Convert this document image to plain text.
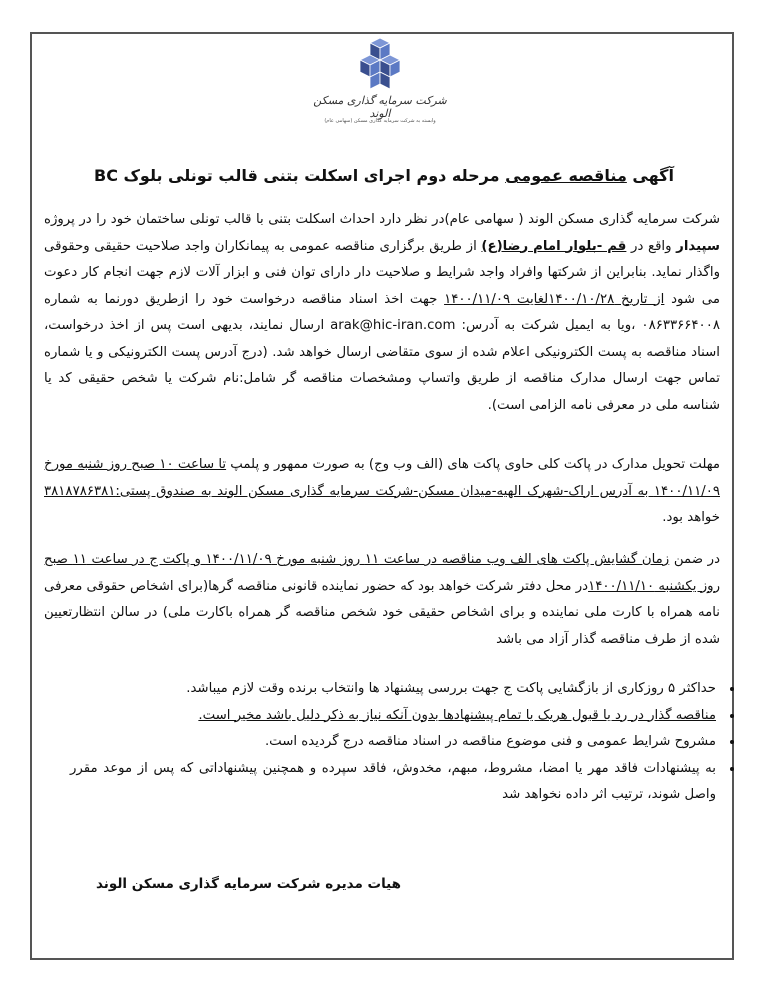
شرکت سرمایه گذاری مسکن الوند
وابسته به شرکت سرمایه گذاری مسکن (سهامی عام)
آگهی مناقصه عمومی مرحله دوم اجرای اسکلت بتنی قالب تونلی بلوک BC
شرکت سرمایه گذاری مسکن الوند ( سهامی عام)در نظر دارد احداث اسکلت بتنی با قالب تونلی ساختمان خود را در پروژه سپیدار واقع در قم -بلوار امام رضا(ع) از طریق برگزاری مناقصه عمومی به پیمانکاران واجد صلاحیت حقیقی وحقوقی واگذار نماید. بنابراین از شرکتها وافراد واجد شرایط و صلاحیت دار دارای توان فنی و ابزار آلات لازم جهت انجام کار دعوت می شود از تاریخ ۱۴۰۰/۱۰/۲۸لغایت ۱۴۰۰/۱۱/۰۹ جهت اخذ اسناد مناقصه درخواست خود را ازطریق دورنما به شماره ۰۸۶۳۳۶۶۴۰۰۸ ،ویا به ایمیل شرکت به آدرس: arak@hic-iran.com ارسال نمایند، بدیهی است پس از اخذ درخواست، اسناد مناقصه به پست الکترونیکی اعلام شده از سوی متقاضی ارسال خواهد شد. (درج آدرس پست الکترونیکی و یا شماره تماس جهت ارسال مدارک مناقصه از طریق واتساپ ومشخصات مناقصه گر شامل:نام شرکت یا شخص حقیقی کد یا شناسه ملی در معرفی نامه الزامی است).
مهلت تحویل مدارک در پاکت کلی حاوی پاکت های (الف وب وج) به صورت ممهور و پلمپ تا ساعت ۱۰ صبح روز شنبه مورخ ۱۴۰۰/۱۱/۰۹ به آدرس اراک-شهرک الهیه-میدان مسکن-شرکت سرمایه گذاری مسکن الوند به صندوق پستی:۳۸۱۸۷۸۶۳۸۱ خواهد بود.
در ضمن زمان گشایش پاکت های الف وب مناقصه در ساعت ۱۱ روز شنبه مورخ ۱۴۰۰/۱۱/۰۹ و پاکت ج در ساعت ۱۱ صبح روز یکشنبه ۱۴۰۰/۱۱/۱۰در محل دفتر شرکت خواهد بود که حضور نماینده قانونی مناقصه گرها(برای اشخاص حقوقی معرفی نامه همراه با کارت ملی نماینده و برای اشخاص حقیقی خود شخص مناقصه گر همراه باکارت ملی) در سالن انتظارتعیین شده از طرف مناقصه گذار آزاد می باشد
• حداکثر ۵ روزکاری از بازگشایی پاکت ج جهت بررسی پیشنهاد ها وانتخاب برنده وقت لازم میباشد.
• مناقصه گذار در رد یا قبول هریک یا تمام پیشنهادها بدون آنکه نیاز به ذکر دلیل باشد مخیر است.
• مشروح شرایط عمومی و فنی موضوع مناقصه در اسناد مناقصه درج گردیده است.
• به پیشنهادات فاقد مهر یا امضا، مشروط، مبهم، مخدوش، فاقد سپرده و همچنین پیشنهاداتی که پس از موعد مقرر واصل شوند، ترتیب اثر داده نخواهد شد
هیات مدیره شرکت سرمایه گذاری مسکن الوند
